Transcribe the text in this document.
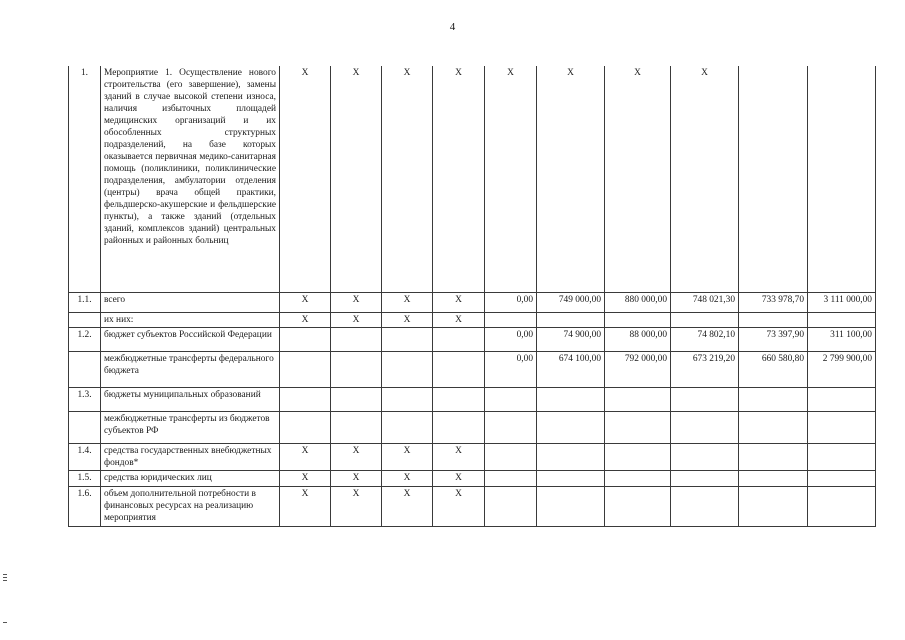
4
1.	Мероприятие 1. Осуществление нового строительства (его завершение), замены зданий в случае высокой степени износа, наличия избыточных площадей медицинских организаций и их обособленных структурных подразделений, на базе которых оказывается первичная медико-санитарная помощь (поликлиники, поликлинические подразделения, амбулатории отделения (центры) врача общей практики, фельдшерско-акушерские и фельдшерские пункты), а также зданий (отдельных зданий, комплексов зданий) центральных районных и районных больниц	X	X	X	X	X	X	X	X		
1.1.	всего	X	X	X	X	0,00	749 000,00	880 000,00	748 021,30	733 978,70	3 111 000,00
	их них:	X	X	X	X						
1.2.	бюджет субъектов Российской Федерации					0,00	74 900,00	88 000,00	74 802,10	73 397,90	311 100,00
	межбюджетные трансферты федерального бюджета					0,00	674 100,00	792 000,00	673 219,20	660 580,80	2 799 900,00
1.3.	бюджеты муниципальных образований										
	межбюджетные трансферты из бюджетов субъектов РФ										
1.4.	средства государственных внебюджетных фондов*	X	X	X	X						
1.5.	средства юридических лиц	X	X	X	X						
1.6.	объем дополнительной потребности в финансовых ресурсах на реализацию мероприятия	X	X	X	X						
